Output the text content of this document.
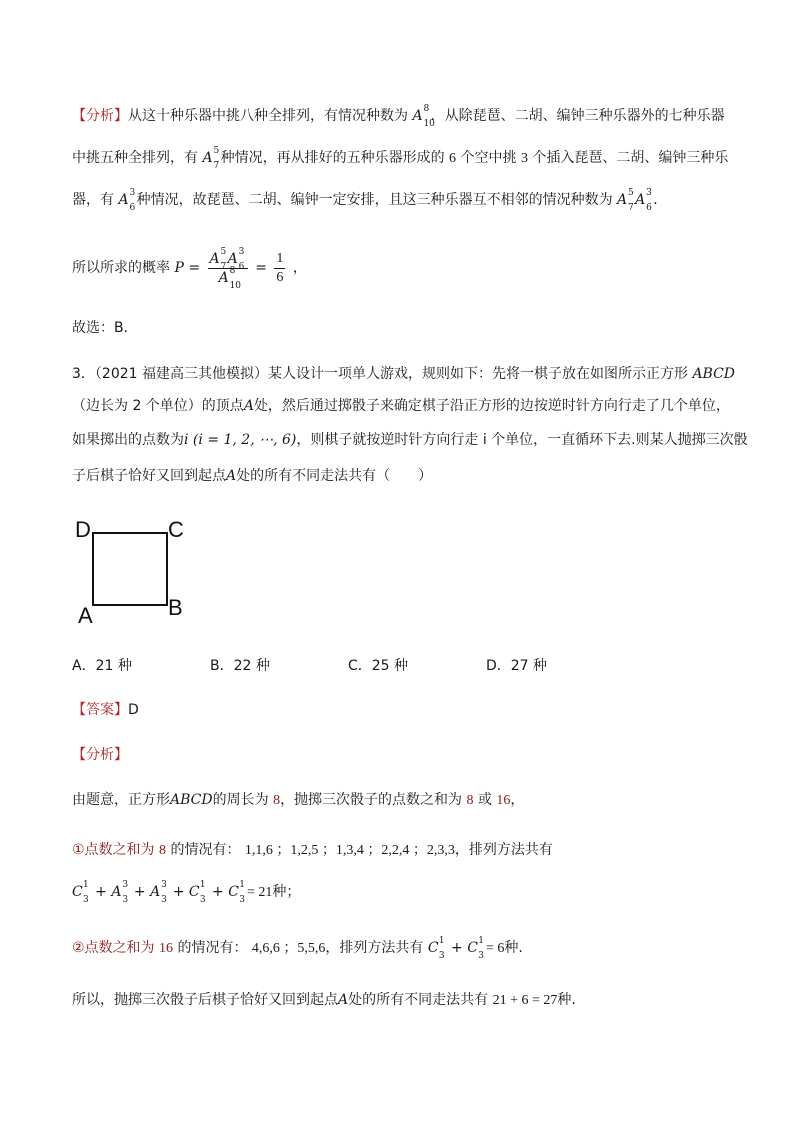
【分析】从这十种乐器中挑八种全排列，有情况种数为 A 8
10
．从除琵琶、二胡、编钟三种乐器外的七种乐器
中挑五种全排列，有 A 5
7 种情况，再从排好的五种乐器形成的 6 个空中挑 3 个插入琵琶、二胡、编钟三种乐
器，有 A 3
6 种情况，故琵琶、二胡、编钟一定安排，且这三种乐器互不相邻的情况种数为 A 5
7 A 3
6 ．
所以所求的概率 P = A 5
7 A 3
6
A 8
$10 = \frac{1}{6}$ ，
故选：B．
3．（2021 福建高三其他模拟）某人设计一项单人游戏，规则如下：先将一棋子放在如图所示正方形 ABCD
（边长为 2 个单位）的顶点A处，然后通过掷骰子来确定棋子沿正方形的边按逆时针方向行走了几个单位，
如果掷出的点数为i (i = 1, 2, ⋯, 6)，则棋子就按逆时针方向行走 i 个单位，一直循环下去.则某人抛掷三次骰
子后棋子恰好又回到起点A处的所有不同走法共有（　　）
D	C
A	B
A．21 种	B．22 种	C．25 种	D．27 种
【答案】D
【分析】
由题意，正方形ABCD的周长为 8，抛掷三次骰子的点数之和为 8 或 16，
①点数之和为 8 的情况有： 1,1,6 ；1,2,5 ；1,3,4 ；2,2,4 ；2,3,3，排列方法共有
C 1
3 + A 3
3 + A 3
3 + C 1
3 + C 1
3 = 21种；
②点数之和为 16 的情况有： 4,6,6 ；5,5,6，排列方法共有 C 1
3 + C 1
3 = 6种.
所以，抛掷三次骰子后棋子恰好又回到起点A处的所有不同走法共有 21 + 6 = 27种.
